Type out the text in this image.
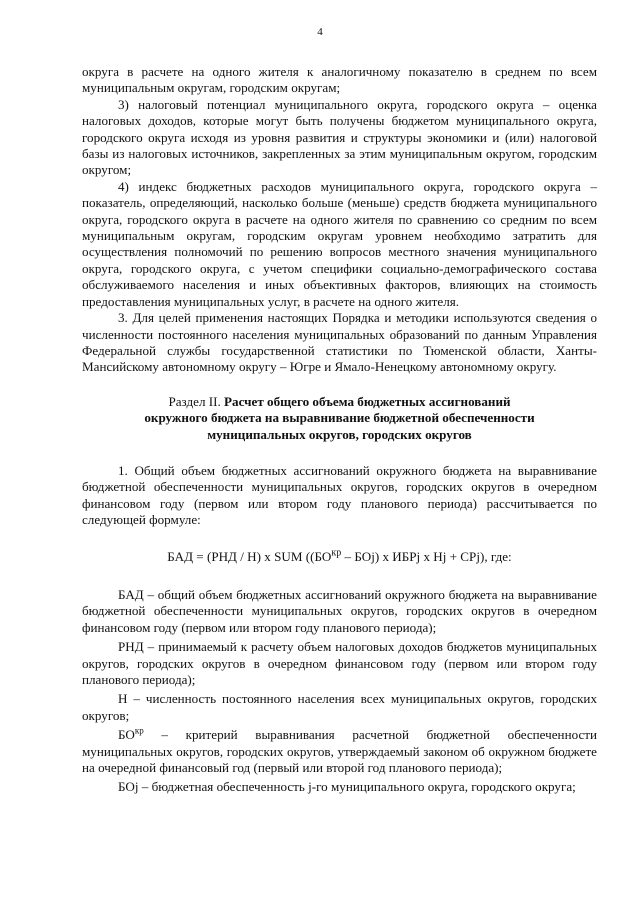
4

округа в расчете на одного жителя к аналогичному показателю в среднем по всем муниципальным округам, городским округам;

3) налоговый потенциал муниципального округа, городского округа – оценка налоговых доходов, которые могут быть получены бюджетом муниципального округа, городского округа исходя из уровня развития и структуры экономики и (или) налоговой базы из налоговых источников, закрепленных за этим муниципальным округом, городским округом;

4) индекс бюджетных расходов муниципального округа, городского округа – показатель, определяющий, насколько больше (меньше) средств бюджета муниципального округа, городского округа в расчете на одного жителя по сравнению со средним по всем муниципальным округам, городским округам уровнем необходимо затратить для осуществления полномочий по решению вопросов местного значения муниципального округа, городского округа, с учетом специфики социально-демографического состава обслуживаемого населения и иных объективных факторов, влияющих на стоимость предоставления муниципальных услуг, в расчете на одного жителя.

3. Для целей применения настоящих Порядка и методики используются сведения о численности постоянного населения муниципальных образований по данным Управления Федеральной службы государственной статистики по Тюменской области, Ханты-Мансийскому автономному округу – Югре и Ямало-Ненецкому автономному округу.

Раздел II. Расчет общего объема бюджетных ассигнований
окружного бюджета на выравнивание бюджетной обеспеченности
муниципальных округов, городских округов

1. Общий объем бюджетных ассигнований окружного бюджета на выравнивание бюджетной обеспеченности муниципальных округов, городских округов в очередном финансовом году (первом или втором году планового периода) рассчитывается по следующей формуле:

БАД = (РНД / Н) x SUM ($(БО^{кр} - БОj)$ x ИБРj x Нj + СРj), где:

БАД – общий объем бюджетных ассигнований окружного бюджета на выравнивание бюджетной обеспеченности муниципальных округов, городских округов в очередном финансовом году (первом или втором году планового периода);

РНД – принимаемый к расчету объем налоговых доходов бюджетов муниципальных округов, городских округов в очередном финансовом году (первом или втором году планового периода);

Н – численность постоянного населения всех муниципальных округов, городских округов;

$БО^{кр}$ – критерий выравнивания расчетной бюджетной обеспеченности муниципальных округов, городских округов, утверждаемый законом об окружном бюджете на очередной финансовый год (первый или второй год планового периода);

БОj – бюджетная обеспеченность j-го муниципального округа, городского округа;
